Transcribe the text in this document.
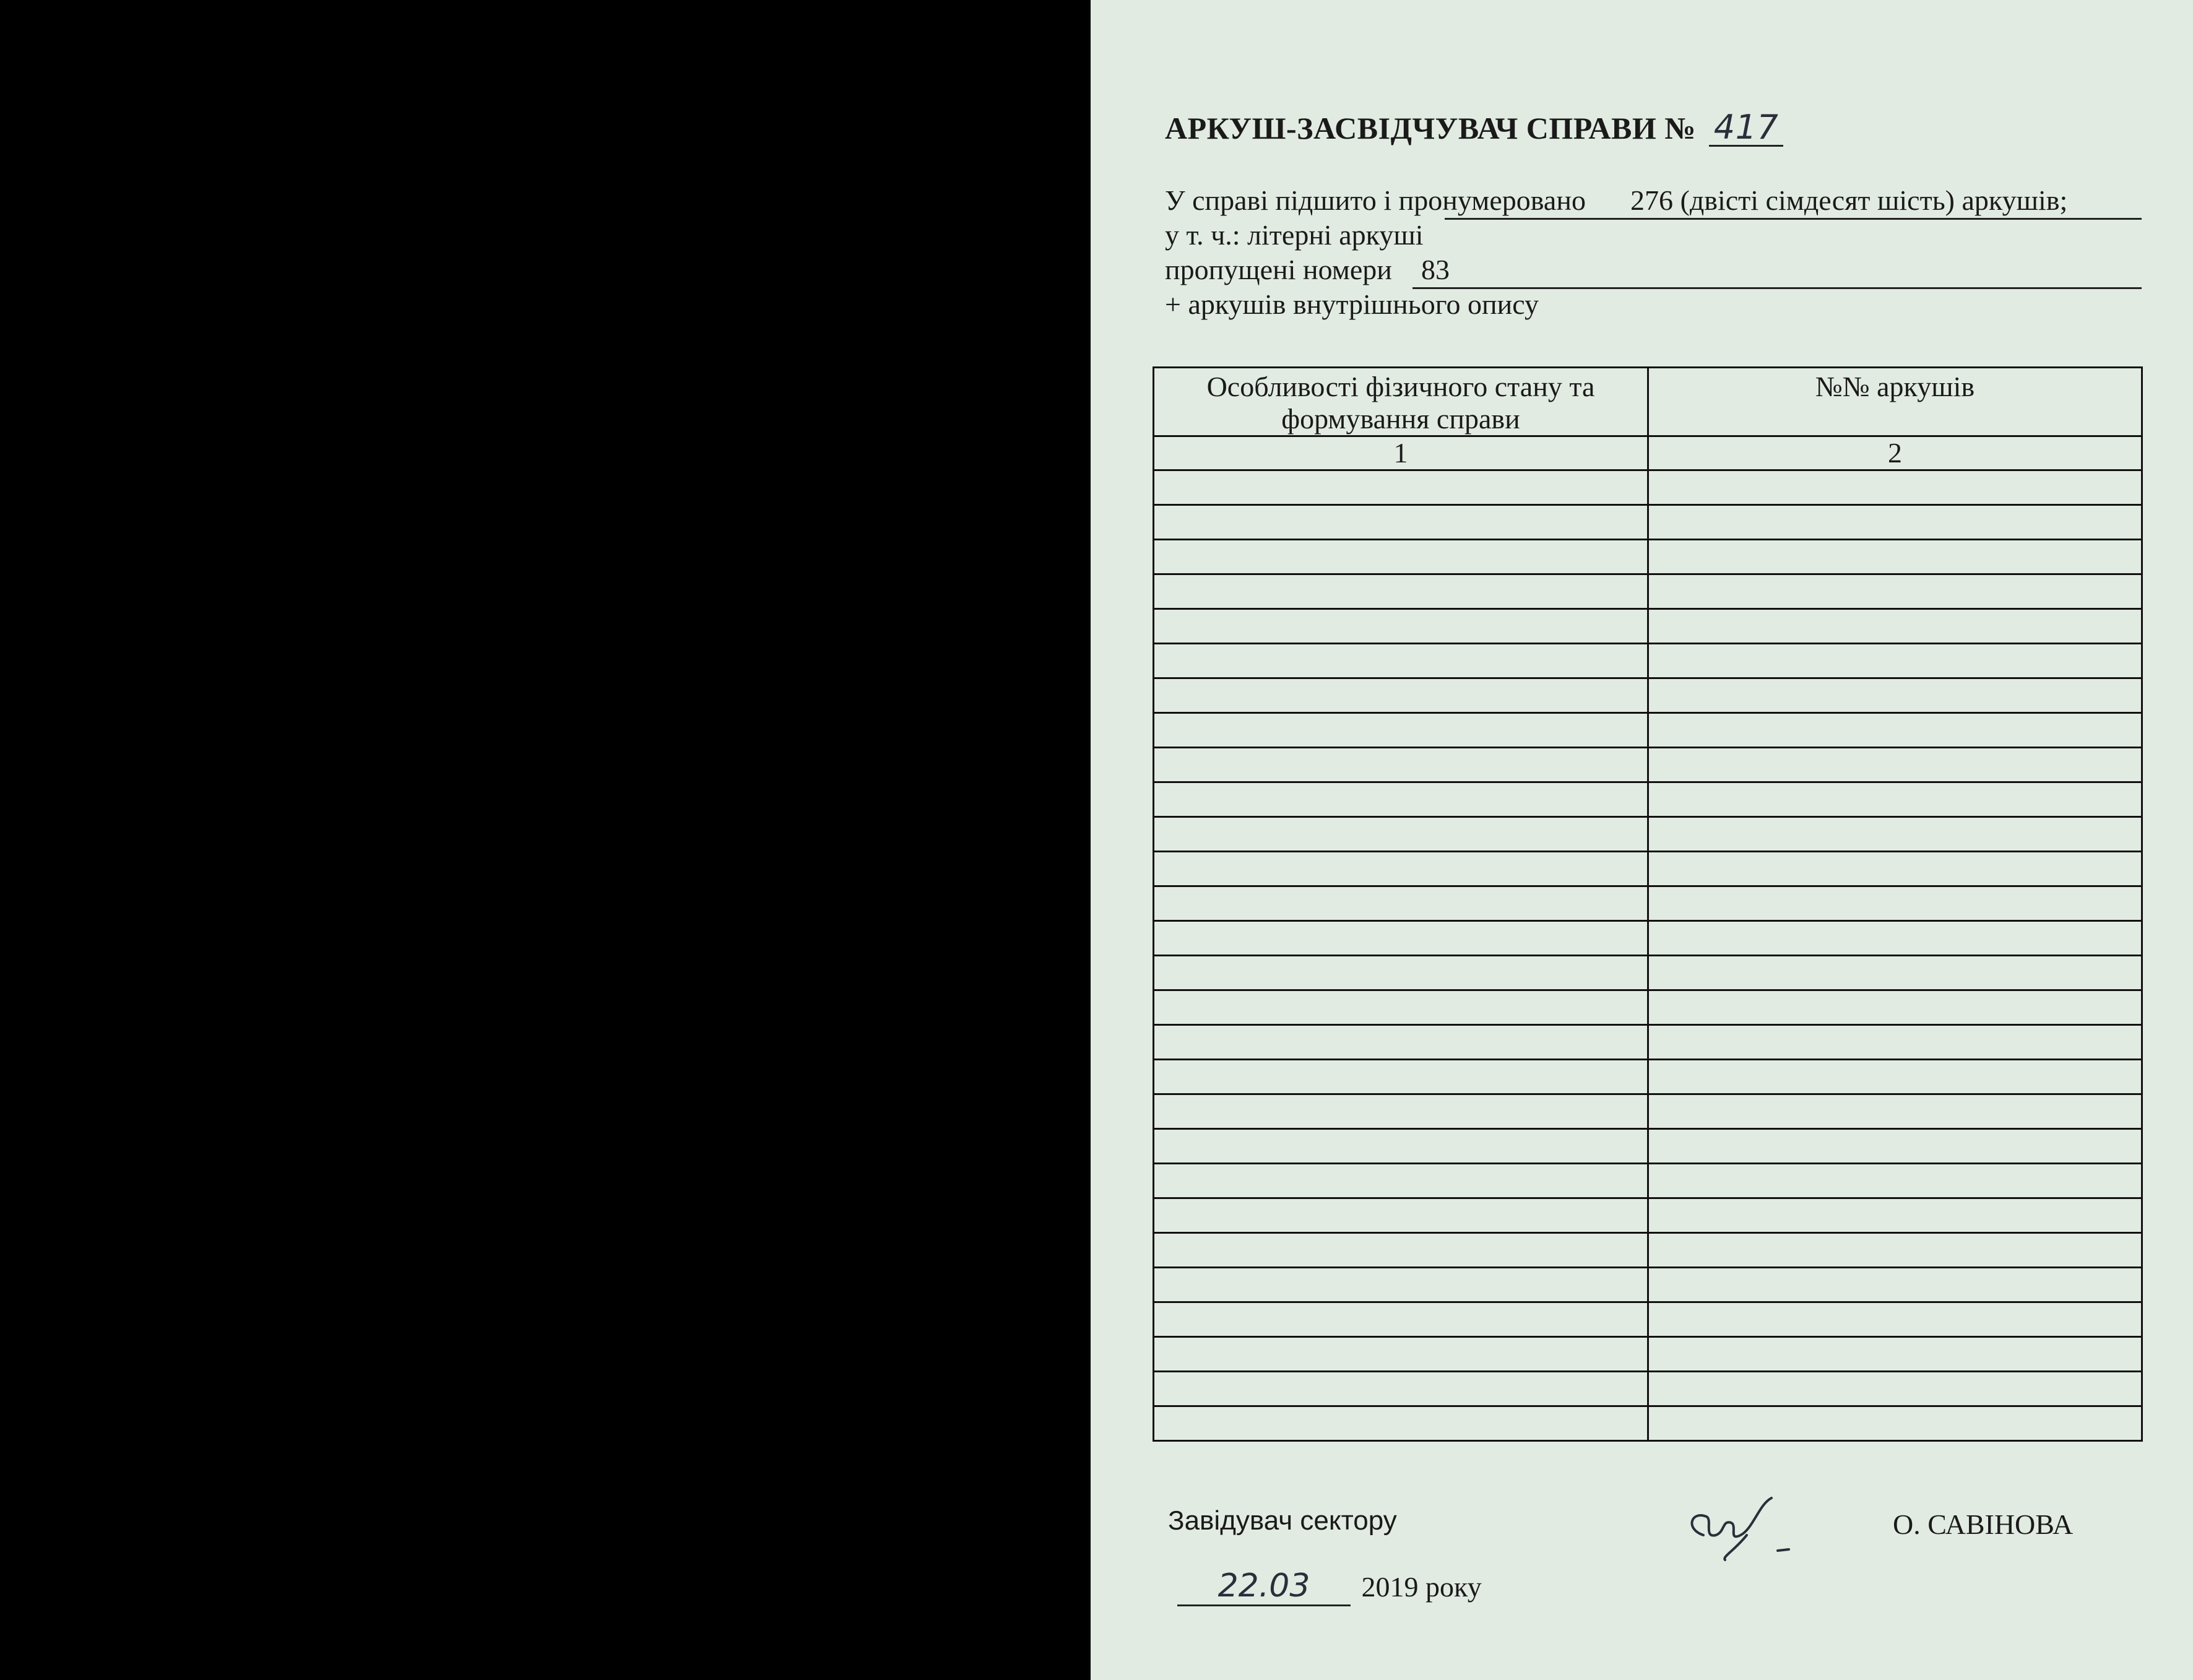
АРКУШ-ЗАСВІДЧУВАЧ СПРАВИ № 417
У справі підшито і пронумеровано	276 (двісті сімдесят шість) аркушів;
у т. ч.: літерні аркуші
пропущені номери	83
+ аркушів внутрішнього опису
Особливості фізичного стану та формування справи	№№ аркушів
1	2

Завідувач сектору	О. САВІНОВА
22.03 2019 року
